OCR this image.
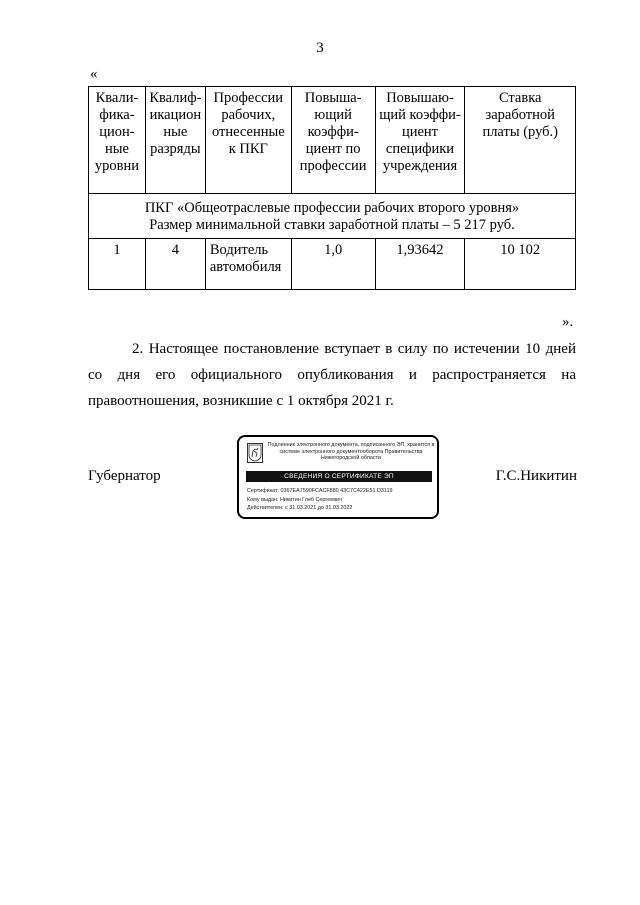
3
«
Квали-фика-цион-ные уровни	Квалиф-икацион ные разряды	Профессии рабочих, отнесенные к ПКГ	Повыша-ющий коэффи-циент по профессии	Повышаю-щий коэффи-циент специфики учреждения	Ставка заработной платы (руб.)

ПКГ «Общеотраслевые профессии рабочих второго уровня»
Размер минимальной ставки заработной платы – 5 217 руб.					

1	4	Водитель автомобиля	1,0	1,93642	10 102
».

2. Настоящее постановление вступает в силу по истечении 10 дней со дня его официального опубликования и распространяется на правоотношения, возникшие с 1 октября 2021 г.

Губернатор	Г.С.Никитин
Подлинник электронного документа, подписанного ЭП, хранится в системе электронного документооборота Правительства Нижегородской области
СВЕДЕНИЯ О СЕРТИФИКАТЕ ЭП
Сертификат: 0367EA7590FCACF880 43C7C422E51 D3119
Кому выдан: Никитин Глеб Сергеевич
Действителен: с 31.03.2021 до 31.03.2022
